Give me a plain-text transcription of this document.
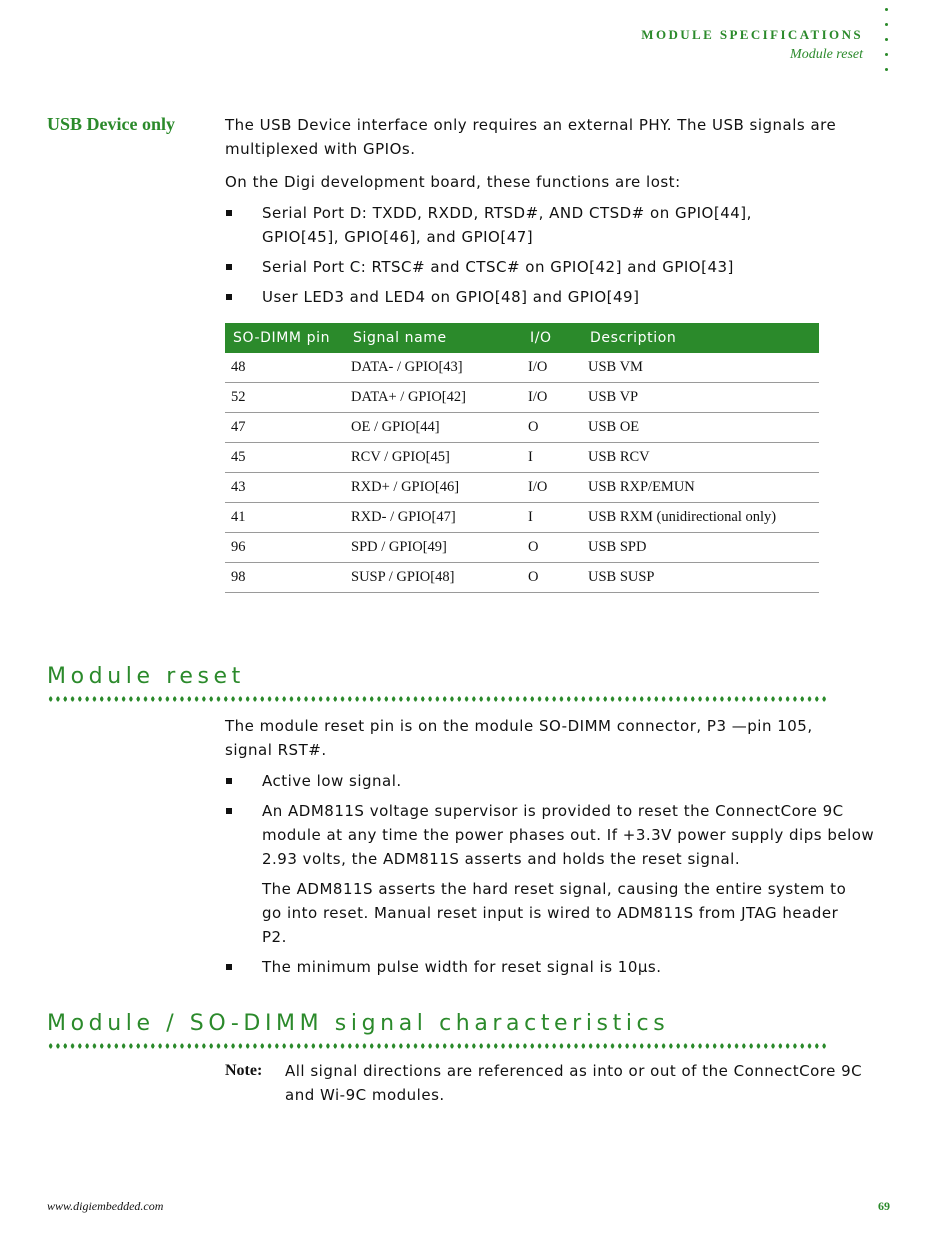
MODULE SPECIFICATIONS
Module reset
USB Device only	The USB Device interface only requires an external PHY. The USB signals are multiplexed with GPIOs.

On the Digi development board, these functions are lost:

Serial Port D: TXDD, RXDD, RTSD#, AND CTSD# on GPIO[44], GPIO[45], GPIO[46], and GPIO[47]
Serial Port C: RTSC# and CTSC# on GPIO[42] and GPIO[43]
User LED3 and LED4 on GPIO[48] and GPIO[49]
SO-DIMM pin	Signal name	I/O	Description
48	DATA- / GPIO[43]	I/O	USB VM
52	DATA+ / GPIO[42]	I/O	USB VP
47	OE / GPIO[44]	O	USB OE
45	RCV / GPIO[45]	I	USB RCV
43	RXD+ / GPIO[46]	I/O	USB RXP/EMUN
41	RXD- / GPIO[47]	I	USB RXM (unidirectional only)
96	SPD / GPIO[49]	O	USB SPD
98	SUSP / GPIO[48]	O	USB SUSP
Module reset

The module reset pin is on the module SO-DIMM connector, P3 —pin 105, signal RST#.

Active low signal.
An ADM811S voltage supervisor is provided to reset the ConnectCore 9C module at any time the power phases out. If +3.3V power supply dips below 2.93 volts, the ADM811S asserts and holds the reset signal.
The ADM811S asserts the hard reset signal, causing the entire system to go into reset. Manual reset input is wired to ADM811S from JTAG header P2.
The minimum pulse width for reset signal is 10µs.
Module / SO-DIMM signal characteristics
Note: All signal directions are referenced as into or out of the ConnectCore 9C and Wi-9C modules.
www.digiembedded.com	69
